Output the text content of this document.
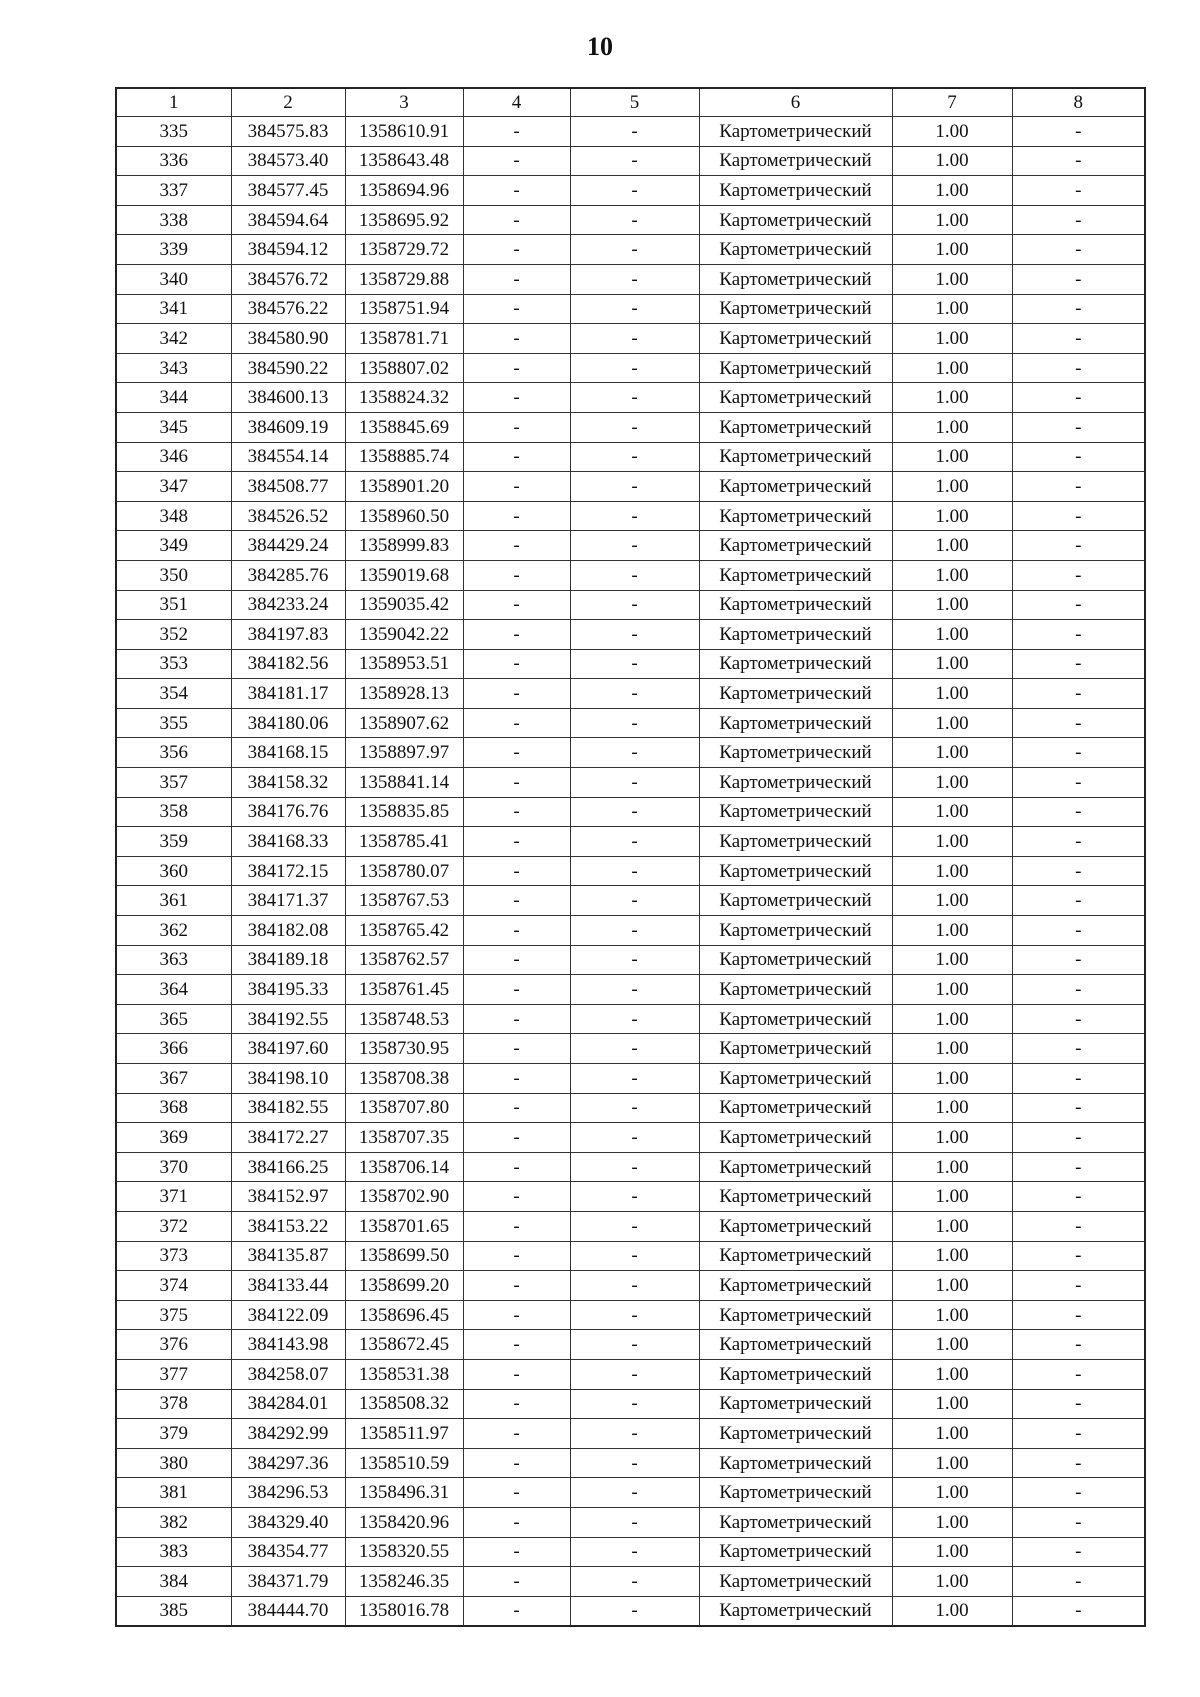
10
1	2	3	4	5	6	7	8
335	384575.83	1358610.91	-	-	Картометрический	1.00	-
336	384573.40	1358643.48	-	-	Картометрический	1.00	-
337	384577.45	1358694.96	-	-	Картометрический	1.00	-
338	384594.64	1358695.92	-	-	Картометрический	1.00	-
339	384594.12	1358729.72	-	-	Картометрический	1.00	-
340	384576.72	1358729.88	-	-	Картометрический	1.00	-
341	384576.22	1358751.94	-	-	Картометрический	1.00	-
342	384580.90	1358781.71	-	-	Картометрический	1.00	-
343	384590.22	1358807.02	-	-	Картометрический	1.00	-
344	384600.13	1358824.32	-	-	Картометрический	1.00	-
345	384609.19	1358845.69	-	-	Картометрический	1.00	-
346	384554.14	1358885.74	-	-	Картометрический	1.00	-
347	384508.77	1358901.20	-	-	Картометрический	1.00	-
348	384526.52	1358960.50	-	-	Картометрический	1.00	-
349	384429.24	1358999.83	-	-	Картометрический	1.00	-
350	384285.76	1359019.68	-	-	Картометрический	1.00	-
351	384233.24	1359035.42	-	-	Картометрический	1.00	-
352	384197.83	1359042.22	-	-	Картометрический	1.00	-
353	384182.56	1358953.51	-	-	Картометрический	1.00	-
354	384181.17	1358928.13	-	-	Картометрический	1.00	-
355	384180.06	1358907.62	-	-	Картометрический	1.00	-
356	384168.15	1358897.97	-	-	Картометрический	1.00	-
357	384158.32	1358841.14	-	-	Картометрический	1.00	-
358	384176.76	1358835.85	-	-	Картометрический	1.00	-
359	384168.33	1358785.41	-	-	Картометрический	1.00	-
360	384172.15	1358780.07	-	-	Картометрический	1.00	-
361	384171.37	1358767.53	-	-	Картометрический	1.00	-
362	384182.08	1358765.42	-	-	Картометрический	1.00	-
363	384189.18	1358762.57	-	-	Картометрический	1.00	-
364	384195.33	1358761.45	-	-	Картометрический	1.00	-
365	384192.55	1358748.53	-	-	Картометрический	1.00	-
366	384197.60	1358730.95	-	-	Картометрический	1.00	-
367	384198.10	1358708.38	-	-	Картометрический	1.00	-
368	384182.55	1358707.80	-	-	Картометрический	1.00	-
369	384172.27	1358707.35	-	-	Картометрический	1.00	-
370	384166.25	1358706.14	-	-	Картометрический	1.00	-
371	384152.97	1358702.90	-	-	Картометрический	1.00	-
372	384153.22	1358701.65	-	-	Картометрический	1.00	-
373	384135.87	1358699.50	-	-	Картометрический	1.00	-
374	384133.44	1358699.20	-	-	Картометрический	1.00	-
375	384122.09	1358696.45	-	-	Картометрический	1.00	-
376	384143.98	1358672.45	-	-	Картометрический	1.00	-
377	384258.07	1358531.38	-	-	Картометрический	1.00	-
378	384284.01	1358508.32	-	-	Картометрический	1.00	-
379	384292.99	1358511.97	-	-	Картометрический	1.00	-
380	384297.36	1358510.59	-	-	Картометрический	1.00	-
381	384296.53	1358496.31	-	-	Картометрический	1.00	-
382	384329.40	1358420.96	-	-	Картометрический	1.00	-
383	384354.77	1358320.55	-	-	Картометрический	1.00	-
384	384371.79	1358246.35	-	-	Картометрический	1.00	-
385	384444.70	1358016.78	-	-	Картометрический	1.00	-
